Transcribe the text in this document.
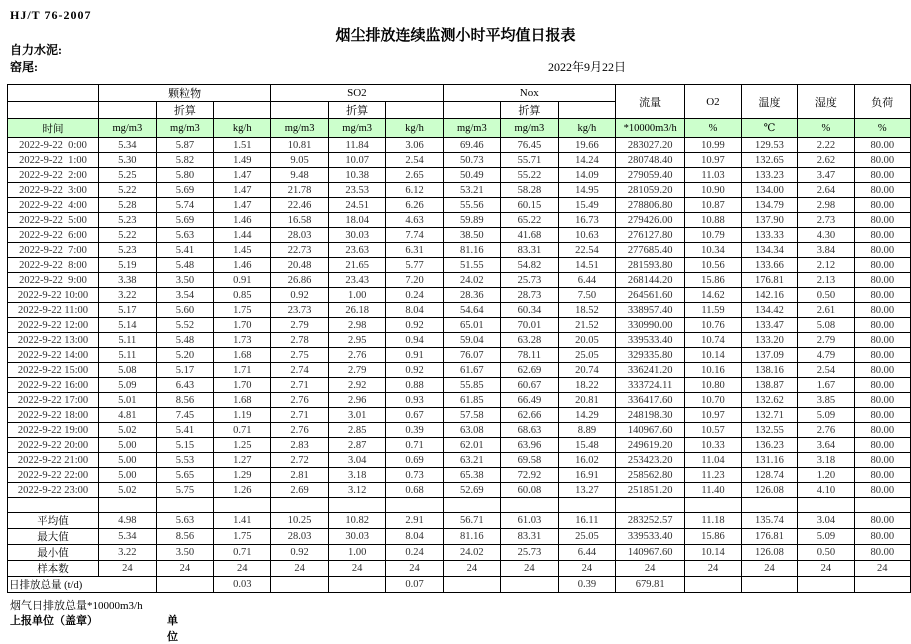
HJ/T 76-2007
烟尘排放连续监测小时平均值日报表
自力水泥:
窑尾:	2022年9月22日
	颗粒物			SO2			Nox			流量	O2	温度	湿度	负荷
		折算			折算			折算						
时间	mg/m3	mg/m3	kg/h	mg/m3	mg/m3	kg/h	mg/m3	mg/m3	kg/h	*10000m3/h	%	℃	%	%
2022-9-22  0:00	5.34	5.87	1.51	10.81	11.84	3.06	69.46	76.45	19.66	283027.20	10.99	129.53	2.22	80.00
2022-9-22  1:00	5.30	5.82	1.49	9.05	10.07	2.54	50.73	55.71	14.24	280748.40	10.97	132.65	2.62	80.00
2022-9-22  2:00	5.25	5.80	1.47	9.48	10.38	2.65	50.49	55.22	14.09	279059.40	11.03	133.23	3.47	80.00
2022-9-22  3:00	5.22	5.69	1.47	21.78	23.53	6.12	53.21	58.28	14.95	281059.20	10.90	134.00	2.64	80.00
2022-9-22  4:00	5.28	5.74	1.47	22.46	24.51	6.26	55.56	60.15	15.49	278806.80	10.87	134.79	2.98	80.00
2022-9-22  5:00	5.23	5.69	1.46	16.58	18.04	4.63	59.89	65.22	16.73	279426.00	10.88	137.90	2.73	80.00
2022-9-22  6:00	5.22	5.63	1.44	28.03	30.03	7.74	38.50	41.68	10.63	276127.80	10.79	133.33	4.30	80.00
2022-9-22  7:00	5.23	5.41	1.45	22.73	23.63	6.31	81.16	83.31	22.54	277685.40	10.34	134.34	3.84	80.00
2022-9-22  8:00	5.19	5.48	1.46	20.48	21.65	5.77	51.55	54.82	14.51	281593.80	10.56	133.66	2.12	80.00
2022-9-22  9:00	3.38	3.50	0.91	26.86	23.43	7.20	24.02	25.73	6.44	268144.20	15.86	176.81	2.13	80.00
2022-9-22 10:00	3.22	3.54	0.85	0.92	1.00	0.24	28.36	28.73	7.50	264561.60	14.62	142.16	0.50	80.00
2022-9-22 11:00	5.17	5.60	1.75	23.73	26.18	8.04	54.64	60.34	18.52	338957.40	11.59	134.42	2.61	80.00
2022-9-22 12:00	5.14	5.52	1.70	2.79	2.98	0.92	65.01	70.01	21.52	330990.00	10.76	133.47	5.08	80.00
2022-9-22 13:00	5.11	5.48	1.73	2.78	2.95	0.94	59.04	63.28	20.05	339533.40	10.74	133.20	2.79	80.00
2022-9-22 14:00	5.11	5.20	1.68	2.75	2.76	0.91	76.07	78.11	25.05	329335.80	10.14	137.09	4.79	80.00
2022-9-22 15:00	5.08	5.17	1.71	2.74	2.79	0.92	61.67	62.69	20.74	336241.20	10.16	138.16	2.54	80.00
2022-9-22 16:00	5.09	6.43	1.70	2.71	2.92	0.88	55.85	60.67	18.22	333724.11	10.80	138.87	1.67	80.00
2022-9-22 17:00	5.01	8.56	1.68	2.76	2.96	0.93	61.85	66.49	20.81	336417.60	10.70	132.62	3.85	80.00
2022-9-22 18:00	4.81	7.45	1.19	2.71	3.01	0.67	57.58	62.66	14.29	248198.30	10.97	132.71	5.09	80.00
2022-9-22 19:00	5.02	5.41	0.71	2.76	2.85	0.39	63.08	68.63	8.89	140967.60	10.57	132.55	2.76	80.00
2022-9-22 20:00	5.00	5.15	1.25	2.83	2.87	0.71	62.01	63.96	15.48	249619.20	10.33	136.23	3.64	80.00
2022-9-22 21:00	5.00	5.53	1.27	2.72	3.04	0.69	63.21	69.58	16.02	253423.20	11.04	131.16	3.18	80.00
2022-9-22 22:00	5.00	5.65	1.29	2.81	3.18	0.73	65.38	72.92	16.91	258562.80	11.23	128.74	1.20	80.00
2022-9-22 23:00	5.02	5.75	1.26	2.69	3.12	0.68	52.69	60.08	13.27	251851.20	11.40	126.08	4.10	80.00

平均值	4.98	5.63	1.41	10.25	10.82	2.91	56.71	61.03	16.11	283252.57	11.18	135.74	3.04	80.00
最大值	5.34	8.56	1.75	28.03	30.03	8.04	81.16	83.31	25.05	339533.40	15.86	176.81	5.09	80.00
最小值	3.22	3.50	0.71	0.92	1.00	0.24	24.02	25.73	6.44	140967.60	10.14	126.08	0.50	80.00
样本数	24	24	24	24	24	24	24	24	24	24	24	24	24	24
日排放总量 (t/d)			0.03			0.07			0.39	679.81				
烟气日排放总量*10000m3/h
上报单位（盖章）	单位
